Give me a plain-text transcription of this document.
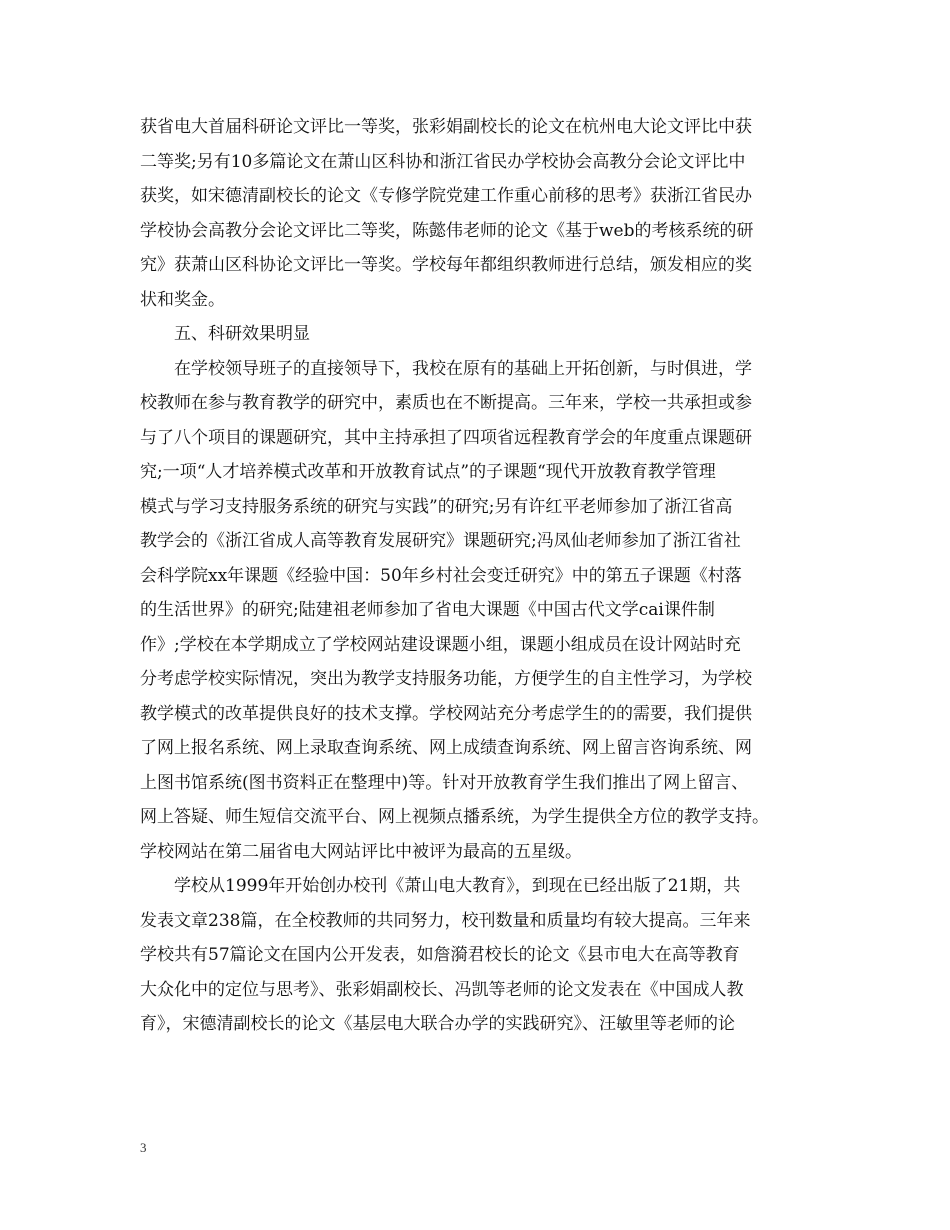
获省电大首届科研论文评比一等奖，张彩娟副校长的论文在杭州电大论文评比中获
二等奖;另有10多篇论文在萧山区科协和浙江省民办学校协会高教分会论文评比中
获奖，如宋德清副校长的论文《专修学院党建工作重心前移的思考》获浙江省民办
学校协会高教分会论文评比二等奖，陈懿伟老师的论文《基于web的考核系统的研
究》获萧山区科协论文评比一等奖。学校每年都组织教师进行总结，颁发相应的奖
状和奖金。
五、科研效果明显
在学校领导班子的直接领导下，我校在原有的基础上开拓创新，与时俱进，学
校教师在参与教育教学的研究中，素质也在不断提高。三年来，学校一共承担或参
与了八个项目的课题研究，其中主持承担了四项省远程教育学会的年度重点课题研
究;一项“人才培养模式改革和开放教育试点”的子课题“现代开放教育教学管理
模式与学习支持服务系统的研究与实践”的研究;另有许红平老师参加了浙江省高
教学会的《浙江省成人高等教育发展研究》课题研究;冯凤仙老师参加了浙江省社
会科学院xx年课题《经验中国：50年乡村社会变迁研究》中的第五子课题《村落
的生活世界》的研究;陆建祖老师参加了省电大课题《中国古代文学cai课件制
作》;学校在本学期成立了学校网站建设课题小组，课题小组成员在设计网站时充
分考虑学校实际情况，突出为教学支持服务功能，方便学生的自主性学习，为学校
教学模式的改革提供良好的技术支撑。学校网站充分考虑学生的的需要，我们提供
了网上报名系统、网上录取查询系统、网上成绩查询系统、网上留言咨询系统、网
上图书馆系统(图书资料正在整理中)等。针对开放教育学生我们推出了网上留言、
网上答疑、师生短信交流平台、网上视频点播系统，为学生提供全方位的教学支持。
学校网站在第二届省电大网站评比中被评为最高的五星级。
学校从1999年开始创办校刊《萧山电大教育》，到现在已经出版了21期，共
发表文章238篇，在全校教师的共同努力，校刊数量和质量均有较大提高。三年来
学校共有57篇论文在国内公开发表，如詹漪君校长的论文《县市电大在高等教育
大众化中的定位与思考》、张彩娟副校长、冯凯等老师的论文发表在《中国成人教
育》，宋德清副校长的论文《基层电大联合办学的实践研究》、汪敏里等老师的论
3
